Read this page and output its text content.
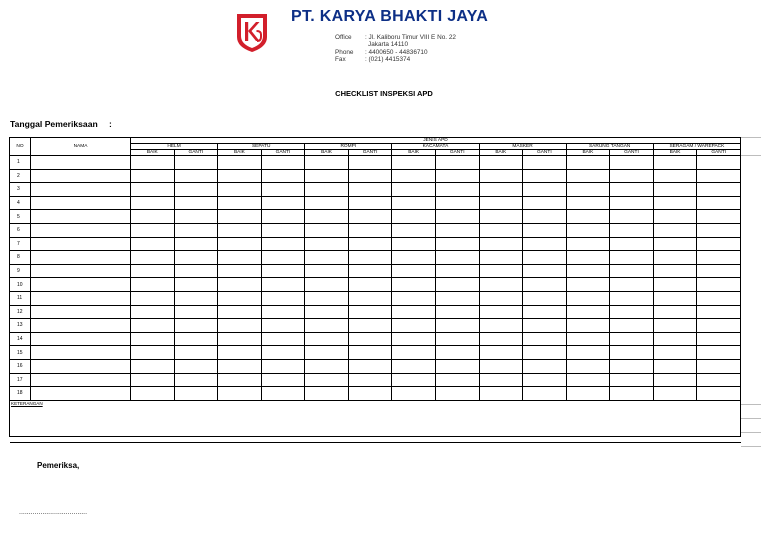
PT. KARYA BHAKTI JAYA
Office	: Jl. Kaliboru Timur VIII E No. 22
Jakarta 14110
Phone	: 4400650 - 44836710
Fax	: (021) 4415374
CHECKLIST INSPEKSI APD
Tanggal Pemeriksaan :
NO	NAMA	JENIS APD													
		HELM		SEPATU		ROMPI		KACAMATA		MASKER		SARUNG TANGAN		SERAGAM / WAREPACK	
		BAIK	GANTI	BAIK	GANTI	BAIK	GANTI	BAIK	GANTI	BAIK	GANTI	BAIK	GANTI	BAIK	GANTI
1															
2															
3															
4															
5															
6															
7															
8															
9															
10															
11															
12															
13															
14															
15															
16															
17															
18															
KETERANGAN															

Pemeriksa,
...................................
